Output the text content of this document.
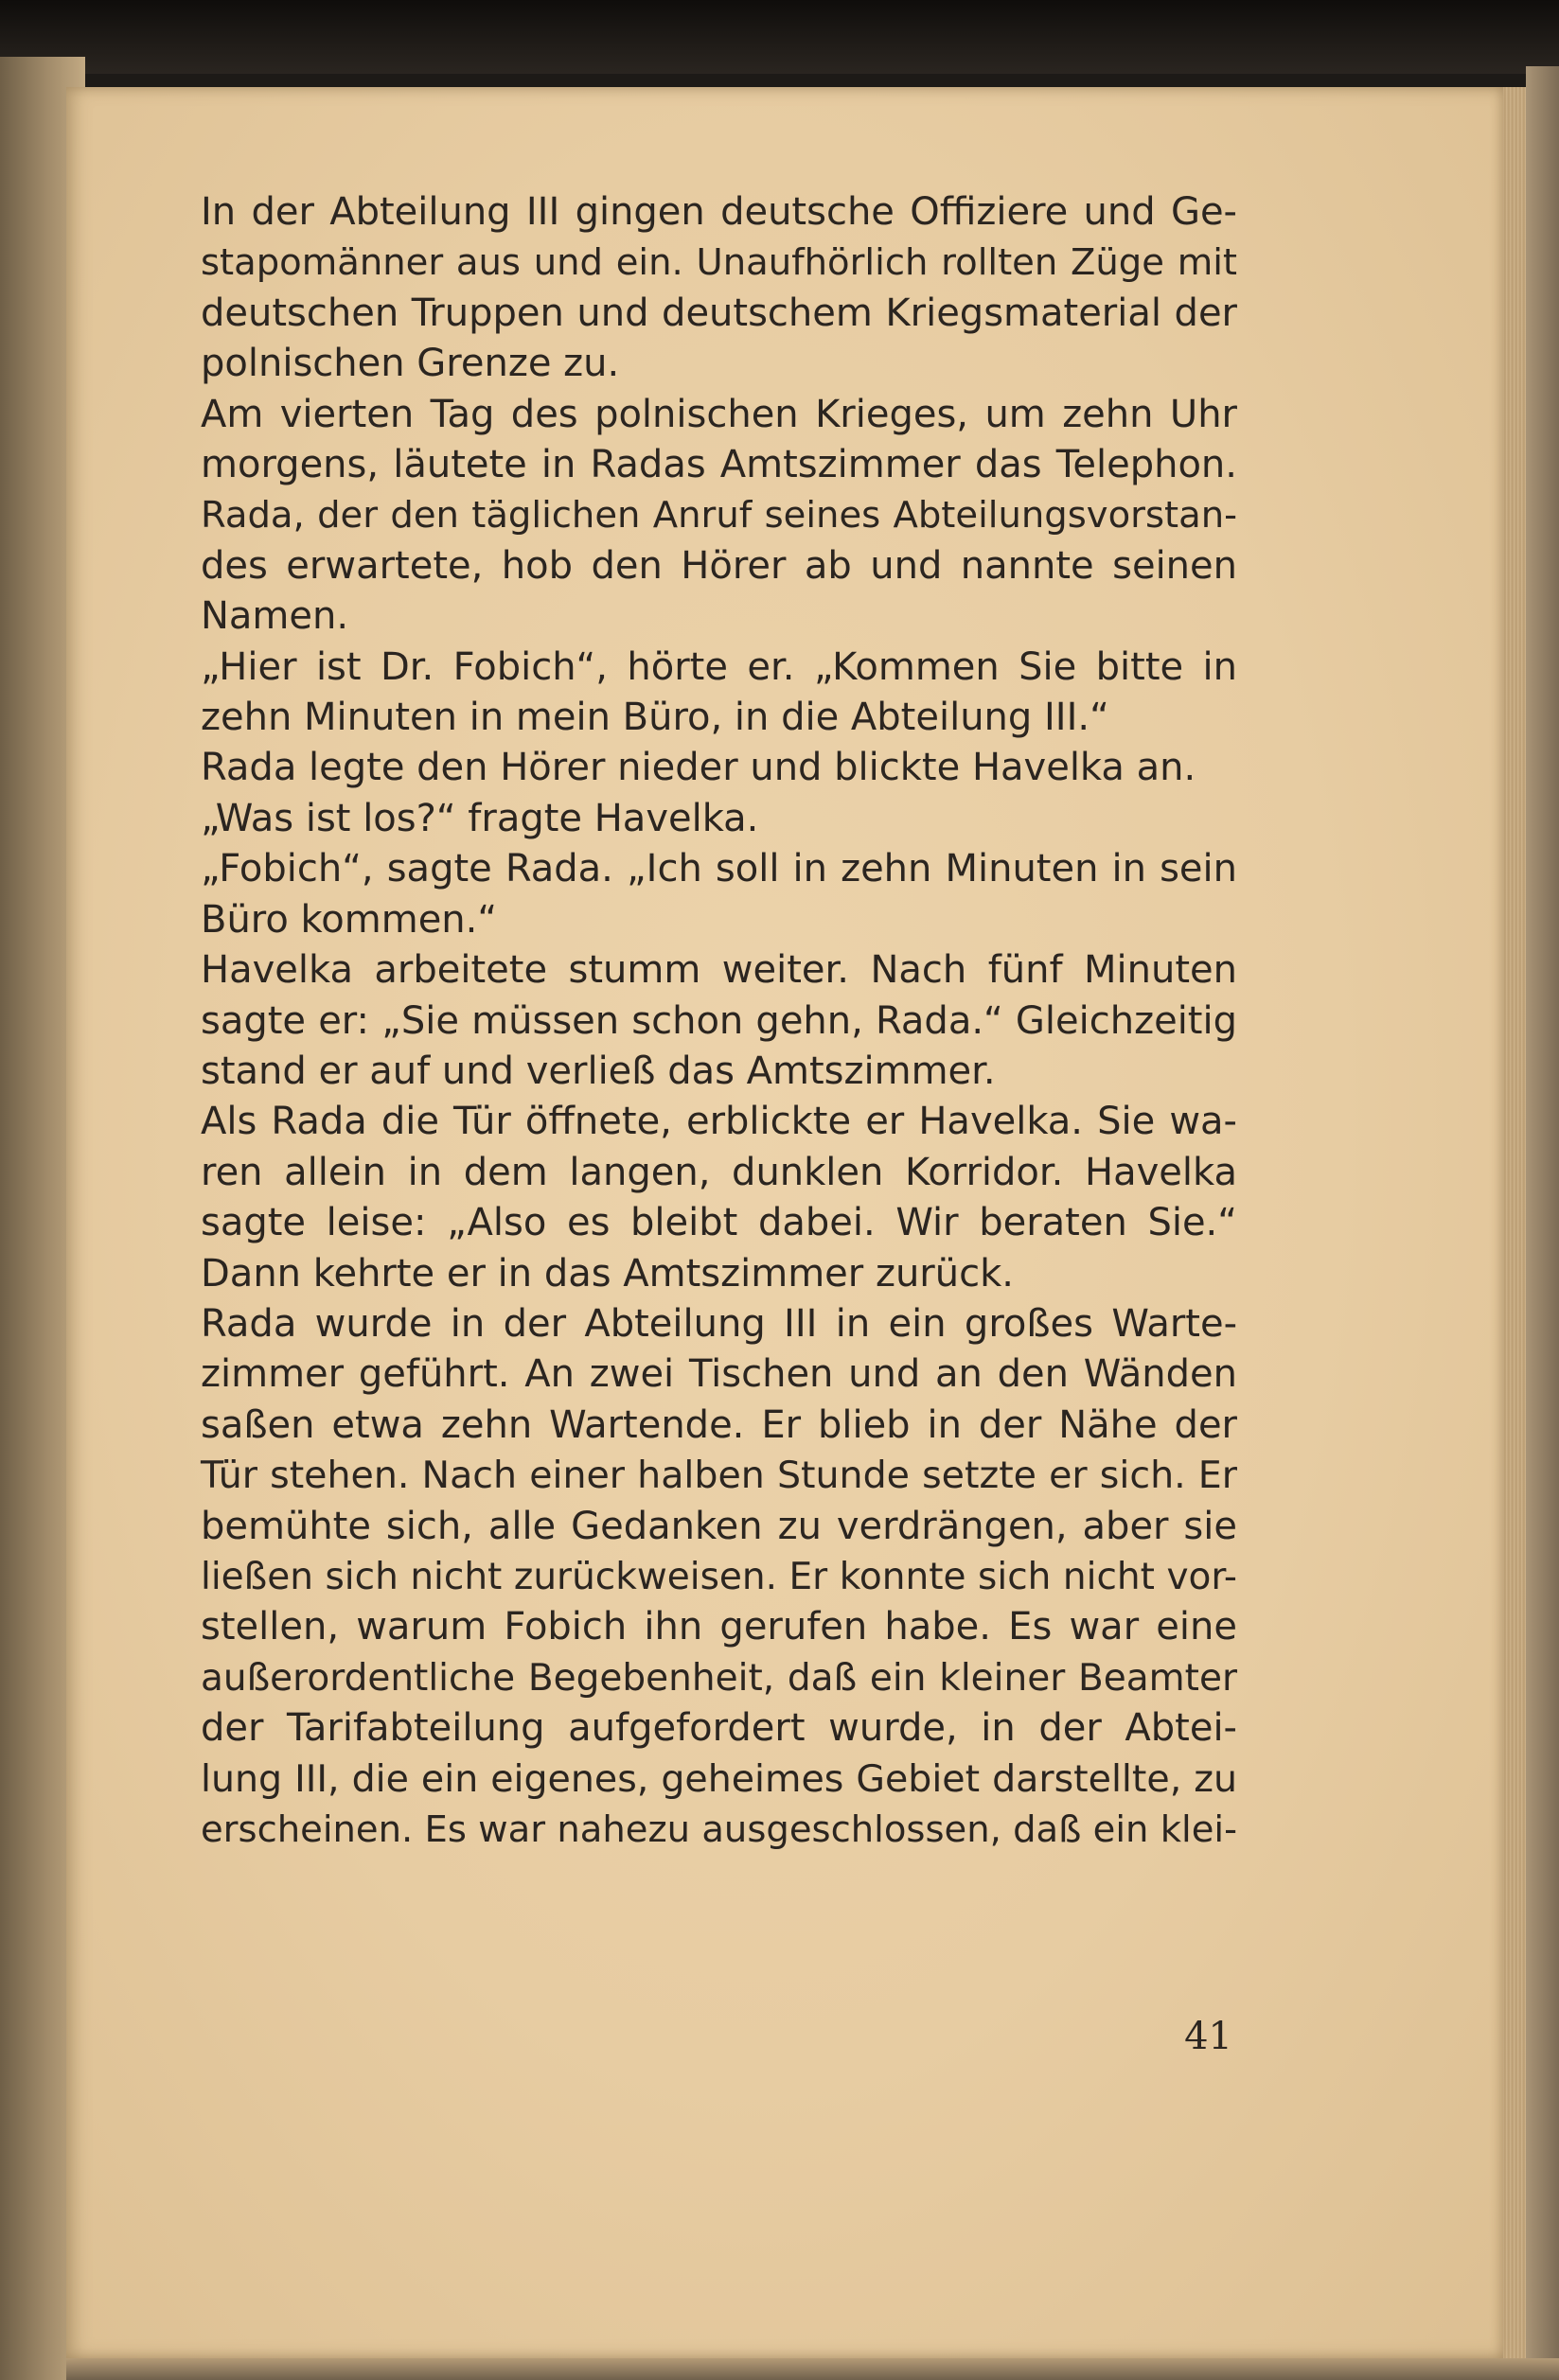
In der Abteilung III gingen deutsche Offiziere und Ge-
stapomänner aus und ein. Unaufhörlich rollten Züge mit
deutschen Truppen und deutschem Kriegsmaterial der
polnischen Grenze zu.
Am vierten Tag des polnischen Krieges, um zehn Uhr
morgens, läutete in Radas Amtszimmer das Telephon.
Rada, der den täglichen Anruf seines Abteilungsvorstan-
des erwartete, hob den Hörer ab und nannte seinen
Namen.
„Hier ist Dr. Fobich“, hörte er. „Kommen Sie bitte in
zehn Minuten in mein Büro, in die Abteilung III.“
Rada legte den Hörer nieder und blickte Havelka an.
„Was ist los?“ fragte Havelka.
„Fobich“, sagte Rada. „Ich soll in zehn Minuten in sein
Büro kommen.“
Havelka arbeitete stumm weiter. Nach fünf Minuten
sagte er: „Sie müssen schon gehn, Rada.“ Gleichzeitig
stand er auf und verließ das Amtszimmer.
Als Rada die Tür öffnete, erblickte er Havelka. Sie wa-
ren allein in dem langen, dunklen Korridor. Havelka
sagte leise: „Also es bleibt dabei. Wir beraten Sie.“
Dann kehrte er in das Amtszimmer zurück.
Rada wurde in der Abteilung III in ein großes Warte-
zimmer geführt. An zwei Tischen und an den Wänden
saßen etwa zehn Wartende. Er blieb in der Nähe der
Tür stehen. Nach einer halben Stunde setzte er sich. Er
bemühte sich, alle Gedanken zu verdrängen, aber sie
ließen sich nicht zurückweisen. Er konnte sich nicht vor-
stellen, warum Fobich ihn gerufen habe. Es war eine
außerordentliche Begebenheit, daß ein kleiner Beamter
der Tarifabteilung aufgefordert wurde, in der Abtei-
lung III, die ein eigenes, geheimes Gebiet darstellte, zu
erscheinen. Es war nahezu ausgeschlossen, daß ein klei-
41
